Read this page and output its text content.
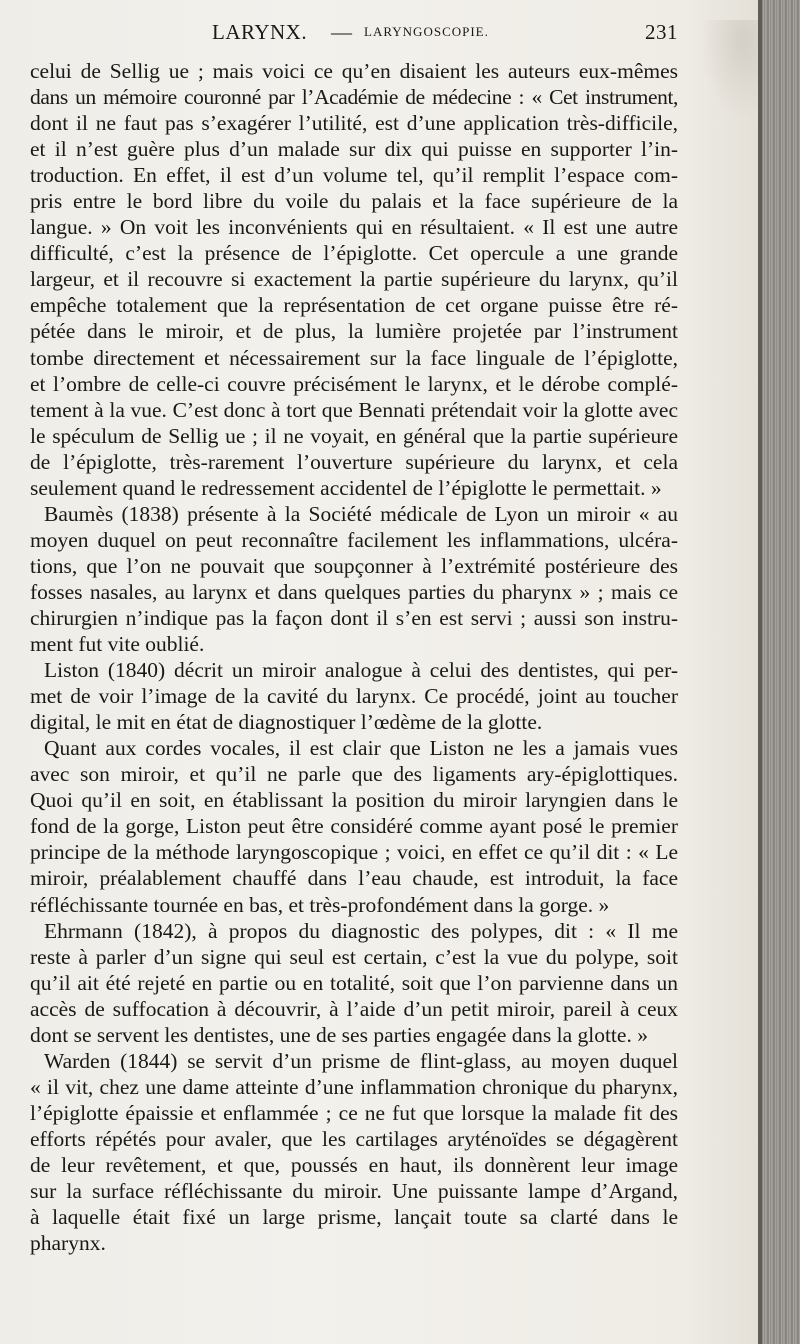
LARYNX. — LARYNGOSCOPIE.	231
celui de Sellig ue ; mais voici ce qu’en disaient les auteurs eux-mêmes
dans un mémoire couronné par l’Académie de médecine : « Cet instrument,
dont il ne faut pas s’exagérer l’utilité, est d’une application très-difficile,
et il n’est guère plus d’un malade sur dix qui puisse en supporter l’in-
troduction. En effet, il est d’un volume tel, qu’il remplit l’espace com-
pris entre le bord libre du voile du palais et la face supérieure de la
langue. » On voit les inconvénients qui en résultaient. « Il est une autre
difficulté, c’est la présence de l’épiglotte. Cet opercule a une grande
largeur, et il recouvre si exactement la partie supérieure du larynx, qu’il
empêche totalement que la représentation de cet organe puisse être ré-
pétée dans le miroir, et de plus, la lumière projetée par l’instrument
tombe directement et nécessairement sur la face linguale de l’épiglotte,
et l’ombre de celle-ci couvre précisément le larynx, et le dérobe complé-
tement à la vue. C’est donc à tort que Bennati prétendait voir la glotte avec
le spéculum de Sellig ue ; il ne voyait, en général que la partie supérieure
de l’épiglotte, très-rarement l’ouverture supérieure du larynx, et cela
seulement quand le redressement accidentel de l’épiglotte le permettait. »
Baumès (1838) présente à la Société médicale de Lyon un miroir « au
moyen duquel on peut reconnaître facilement les inflammations, ulcéra-
tions, que l’on ne pouvait que soupçonner à l’extrémité postérieure des
fosses nasales, au larynx et dans quelques parties du pharynx » ; mais ce
chirurgien n’indique pas la façon dont il s’en est servi ; aussi son instru-
ment fut vite oublié.
Liston (1840) décrit un miroir analogue à celui des dentistes, qui per-
met de voir l’image de la cavité du larynx. Ce procédé, joint au toucher
digital, le mit en état de diagnostiquer l’œdème de la glotte.
Quant aux cordes vocales, il est clair que Liston ne les a jamais vues
avec son miroir, et qu’il ne parle que des ligaments ary-épiglottiques.
Quoi qu’il en soit, en établissant la position du miroir laryngien dans le
fond de la gorge, Liston peut être considéré comme ayant posé le premier
principe de la méthode laryngoscopique ; voici, en effet ce qu’il dit : « Le
miroir, préalablement chauffé dans l’eau chaude, est introduit, la face
réfléchissante tournée en bas, et très-profondément dans la gorge. »
Ehrmann (1842), à propos du diagnostic des polypes, dit : « Il me
reste à parler d’un signe qui seul est certain, c’est la vue du polype, soit
qu’il ait été rejeté en partie ou en totalité, soit que l’on parvienne dans un
accès de suffocation à découvrir, à l’aide d’un petit miroir, pareil à ceux
dont se servent les dentistes, une de ses parties engagée dans la glotte. »
Warden (1844) se servit d’un prisme de flint-glass, au moyen duquel
« il vit, chez une dame atteinte d’une inflammation chronique du pharynx,
l’épiglotte épaissie et enflammée ; ce ne fut que lorsque la malade fit des
efforts répétés pour avaler, que les cartilages aryténoïdes se dégagèrent
de leur revêtement, et que, poussés en haut, ils donnèrent leur image
sur la surface réfléchissante du miroir. Une puissante lampe d’Argand,
à laquelle était fixé un large prisme, lançait toute sa clarté dans le
pharynx.
